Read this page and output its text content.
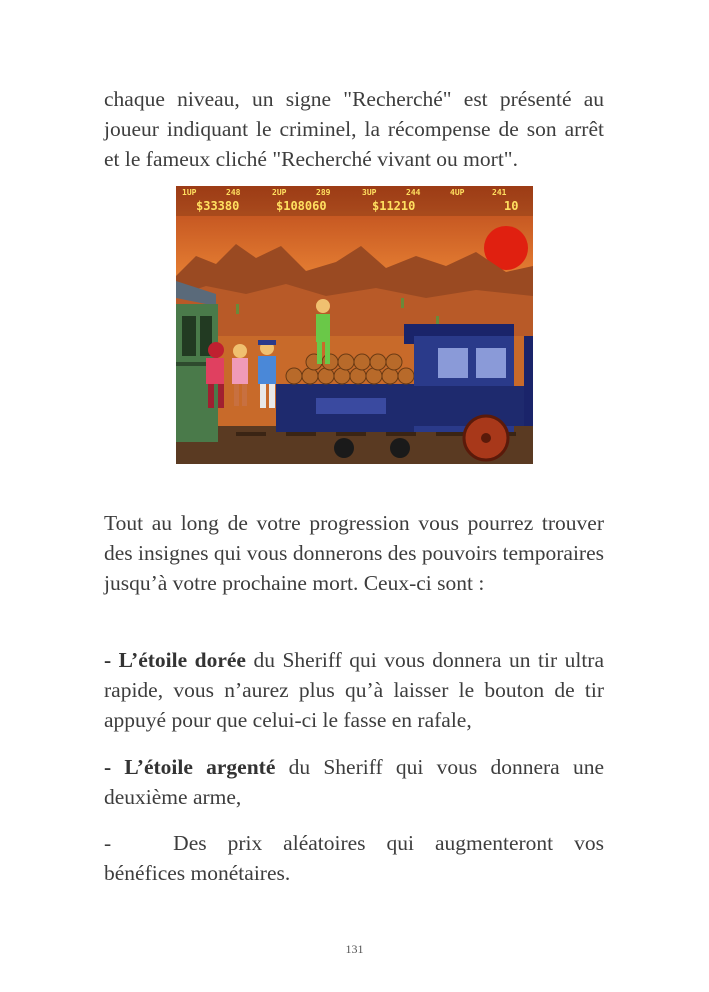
chaque niveau, un signe "Recherché" est présenté au joueur indiquant le criminel, la récompense de son arrêt et le fameux cliché "Recherché vivant ou mort".

1UP	248
$33380
2UP	289
$108060
3UP	244
$11210
4UP	241
10

Tout au long de votre progression vous pourrez trouver des insignes qui vous donnerons des pouvoirs temporaires jusqu’à votre prochaine mort. Ceux-ci sont :

- L’étoile dorée du Sheriff qui vous donnera un tir ultra rapide, vous n’aurez plus qu’à laisser le bouton de tir appuyé pour que celui-ci le fasse en rafale,

- L’étoile argenté du Sheriff qui vous donnera une deuxième arme,

-	Des prix aléatoires qui augmenteront vos bénéfices monétaires.

131
